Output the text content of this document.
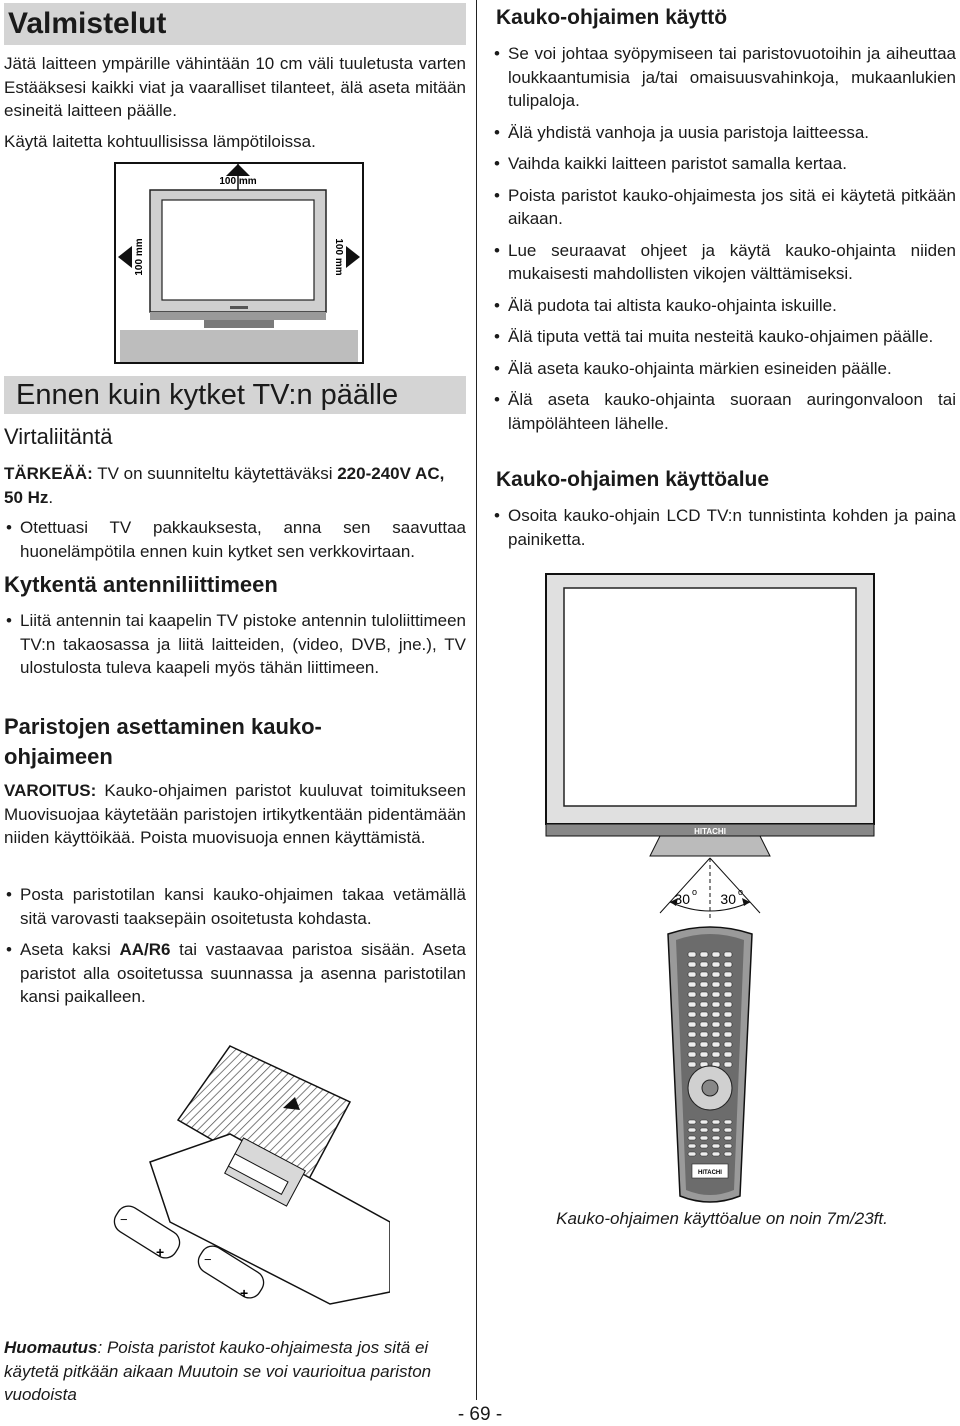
Valmistelut

Jätä laitteen ympärille vähintään 10 cm väli tuuletusta varten Estääksesi kaikki viat ja vaaralliset tilanteet, älä aseta mitään esineitä laitteen päälle.

Käytä laitetta kohtuullisissa lämpötiloissa.

100 mm
100 mm	100 mm
Ennen kuin kytket TV:n päälle
Virtaliitäntä

TÄRKEÄÄ: TV on suunniteltu käytettäväksi 220-240V AC, 50 Hz.

• Otettuasi TV pakkauksesta, anna sen saavuttaa huonelämpötila ennen kuin kytket sen verkkovirtaan.
Kytkentä antenniliittimeen
• Liitä antennin tai kaapelin TV pistoke antennin tuloliittimeen TV:n takaosassa ja liitä laitteiden, (video, DVB, jne.), TV ulostulosta tuleva kaapeli myös tähän liittimeen.
Paristojen asettaminen kauko-
ohjaimeen

VAROITUS: Kauko-ohjaimen paristot kuuluvat toimitukseen Muovisuojaa käytetään paristojen irtikytkentään pidentämään niiden käyttöikää. Poista muovisuoja ennen käyttämistä.

• Posta paristotilan kansi kauko-ohjaimen takaa vetämällä sitä varovasti taaksepäin osoitetusta kohdasta.
• Aseta kaksi AA/R6 tai vastaavaa paristoa sisään. Aseta paristot alla osoitetussa suunnassa ja asenna paristotilan kansi paikalleen.
−
+	−
+

Huomautus: Poista paristot kauko-ohjaimesta jos sitä ei käytetä pitkään aikaan Muutoin se voi vaurioitua pariston vuodoista

Kauko-ohjaimen käyttö
• Se voi johtaa syöpymiseen tai paristovuotoihin ja aiheuttaa loukkaantumisia ja/tai omaisuusvahinkoja, mukaanlukien tulipaloja.
• Älä yhdistä vanhoja ja uusia paristoja laitteessa.
• Vaihda kaikki laitteen paristot samalla kertaa.
• Poista paristot kauko-ohjaimesta jos sitä ei käytetä pitkään aikaan.
• Lue seuraavat ohjeet ja käytä kauko-ohjainta niiden mukaisesti mahdollisten vikojen välttämiseksi.
• Älä pudota tai altista kauko-ohjainta iskuille.
• Älä tiputa vettä tai muita nesteitä kauko-ohjaimen päälle.
• Älä aseta kauko-ohjainta märkien esineiden päälle.
• Älä aseta kauko-ohjainta suoraan auringonvaloon tai lämpölähteen lähelle.
Kauko-ohjaimen käyttöalue
• Osoita kauko-ohjain LCD TV:n tunnistinta kohden ja paina painiketta.
HITACHI
30 o 30 o
HITACHI

Kauko-ohjaimen käyttöalue on noin 7m/23ft.

- 69 -
